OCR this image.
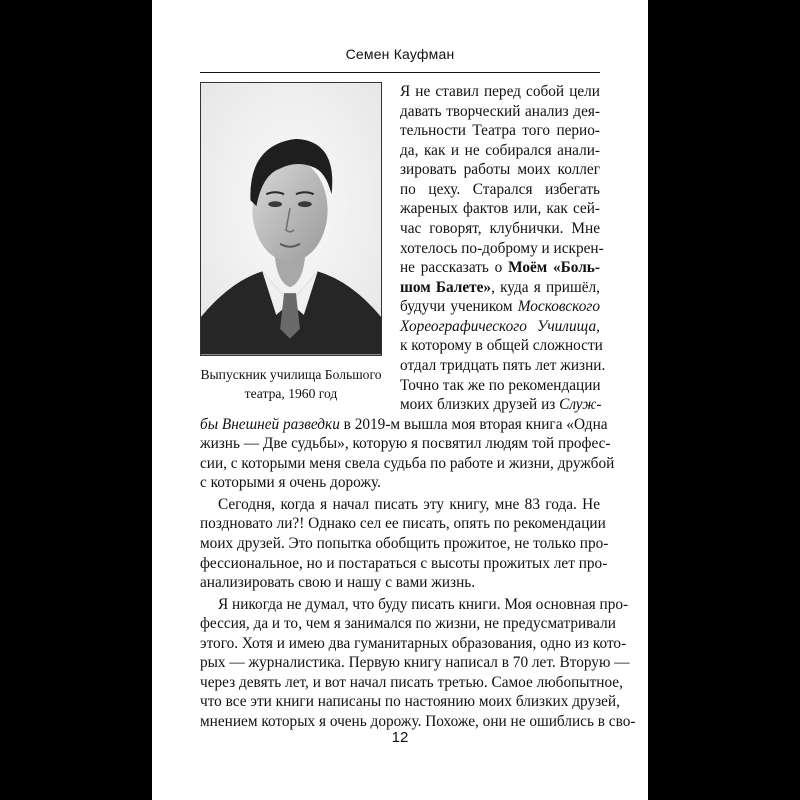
Семен Кауфман
Выпускник училища Большого
театра, 1960 год
Я не ставил перед собой цели
давать творческий анализ дея-
тельности Театра того перио-
да, как и не собирался анали-
зировать работы моих коллег
по цеху. Старался избегать
жареных фактов или, как сей-
час говорят, клубнички. Мне
хотелось по-доброму и искрен-
не рассказать о Моём «Боль-
шом Балете», куда я пришёл,
будучи учеником Московского
Хореографического Училища,
к которому в общей сложности
отдал тридцать пять лет жизни.
Точно так же по рекомендации
моих близких друзей из Служ-
бы Внешней разведки в 2019-м вышла моя вторая книга «Одна
жизнь — Две судьбы», которую я посвятил людям той профес-
сии, с которыми меня свела судьба по работе и жизни, дружбой
с которыми я очень дорожу.
Сегодня, когда я начал писать эту книгу, мне 83 года. Не
поздновато ли?! Однако сел ее писать, опять по рекомендации
моих друзей. Это попытка обобщить прожитое, не только про-
фессиональное, но и постараться с высоты прожитых лет про-
анализировать свою и нашу с вами жизнь.
Я никогда не думал, что буду писать книги. Моя основная про-
фессия, да и то, чем я занимался по жизни, не предусматривали
этого. Хотя и имею два гуманитарных образования, одно из кото-
рых — журналистика. Первую книгу написал в 70 лет. Вторую —
через девять лет, и вот начал писать третью. Самое любопытное,
12
что все эти книги написаны по настоянию моих близких друзей,
мнением которых я очень дорожу. Похоже, они не ошиблись в сво-
